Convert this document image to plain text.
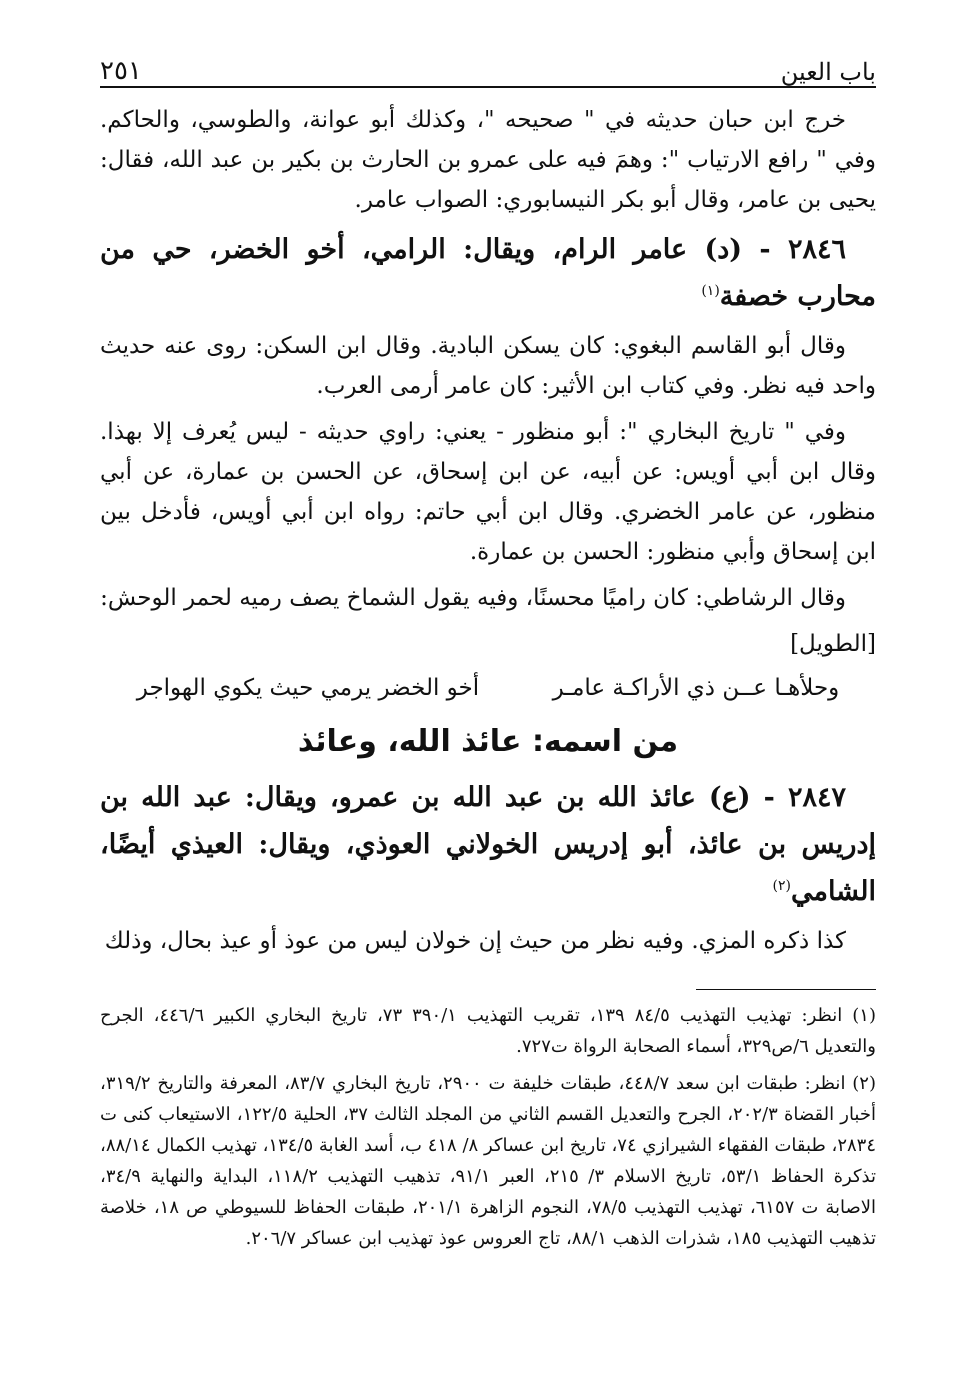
باب العين
٢٥١

خرج ابن حبان حديثه في " صحيحه "، وكذلك أبو عوانة، والطوسي، والحاكم. وفي " رافع الارتياب ": وهمَ فيه على عمرو بن الحارث بن بكير بن عبد الله، فقال: يحيى بن عامر، وقال أبو بكر النيسابوري: الصواب عامر.

٢٨٤٦ - (د) عامر الرام، ويقال: الرامي، أخو الخضر، حي من محارب خصفة$^{(١)}$

وقال أبو القاسم البغوي: كان يسكن البادية. وقال ابن السكن: روى عنه حديث واحد فيه نظر. وفي كتاب ابن الأثير: كان عامر أرمى العرب.

وفي " تاريخ البخاري ": أبو منظور - يعني: راوي حديثه - ليس يُعرف إلا بهذا. وقال ابن أبي أويس: عن أبيه، عن ابن إسحاق، عن الحسن بن عمارة، عن أبي منظور، عن عامر الخضري. وقال ابن أبي حاتم: رواه ابن أبي أويس، فأدخل بين ابن إسحاق وأبي منظور: الحسن بن عمارة.

وقال الرشاطي: كان راميًا محسنًا، وفيه يقول الشماخ يصف رميه لحمر الوحش:

[الطويل]

وحلأهـا عــن ذي الأراكـة عامـر
أخو الخضر يرمي حيث يكوي الهواجر
من اسمه: عائذ الله، وعائذ

٢٨٤٧ - (ع) عائذ الله بن عبد الله بن عمرو، ويقال: عبد الله بن إدريس بن عائذ، أبو إدريس الخولاني العوذي، ويقال: العيذي أيضًا، الشامي$^{(٢)}$

كذا ذكره المزي. وفيه نظر من حيث إن خولان ليس من عوذ أو عيذ بحال، وذلك

(١) انظر: تهذيب التهذيب ٨٤/٥ ١٣٩، تقريب التهذيب ٣٩٠/١ ٧٣، تاريخ البخاري الكبير ٤٤٦/٦، الجرح والتعديل ٦/ص٣٢٩، أسماء الصحابة الرواة ت٧٢٧.

(٢) انظر: طبقات ابن سعد ٤٤٨/٧، طبقات خليفة ت ٢٩٠٠، تاريخ البخاري ٨٣/٧، المعرفة والتاريخ ٣١٩/٢، أخبار القضاة ٢٠٢/٣، الجرح والتعديل القسم الثاني من المجلد الثالث ٣٧، الحلية ١٢٢/٥، الاستيعاب كنى ت ٢٨٣٤، طبقات الفقهاء الشيرازي ٧٤، تاريخ ابن عساكر ٨/ ٤١٨ ب، أسد الغابة ١٣٤/٥، تهذيب الكمال ٨٨/١٤، تذكرة الحفاظ ٥٣/١، تاريخ الاسلام ٣/ ٢١٥، العبر ٩١/١، تذهيب التهذيب ١١٨/٢، البداية والنهاية ٣٤/٩، الاصابة ت ٦١٥٧، تهذيب التهذيب ٧٨/٥، النجوم الزاهرة ٢٠١/١، طبقات الحفاظ للسيوطي ص ١٨، خلاصة تذهيب التهذيب ١٨٥، شذرات الذهب ٨٨/١، تاج العروس عوذ تهذيب ابن عساكر ٢٠٦/٧.
